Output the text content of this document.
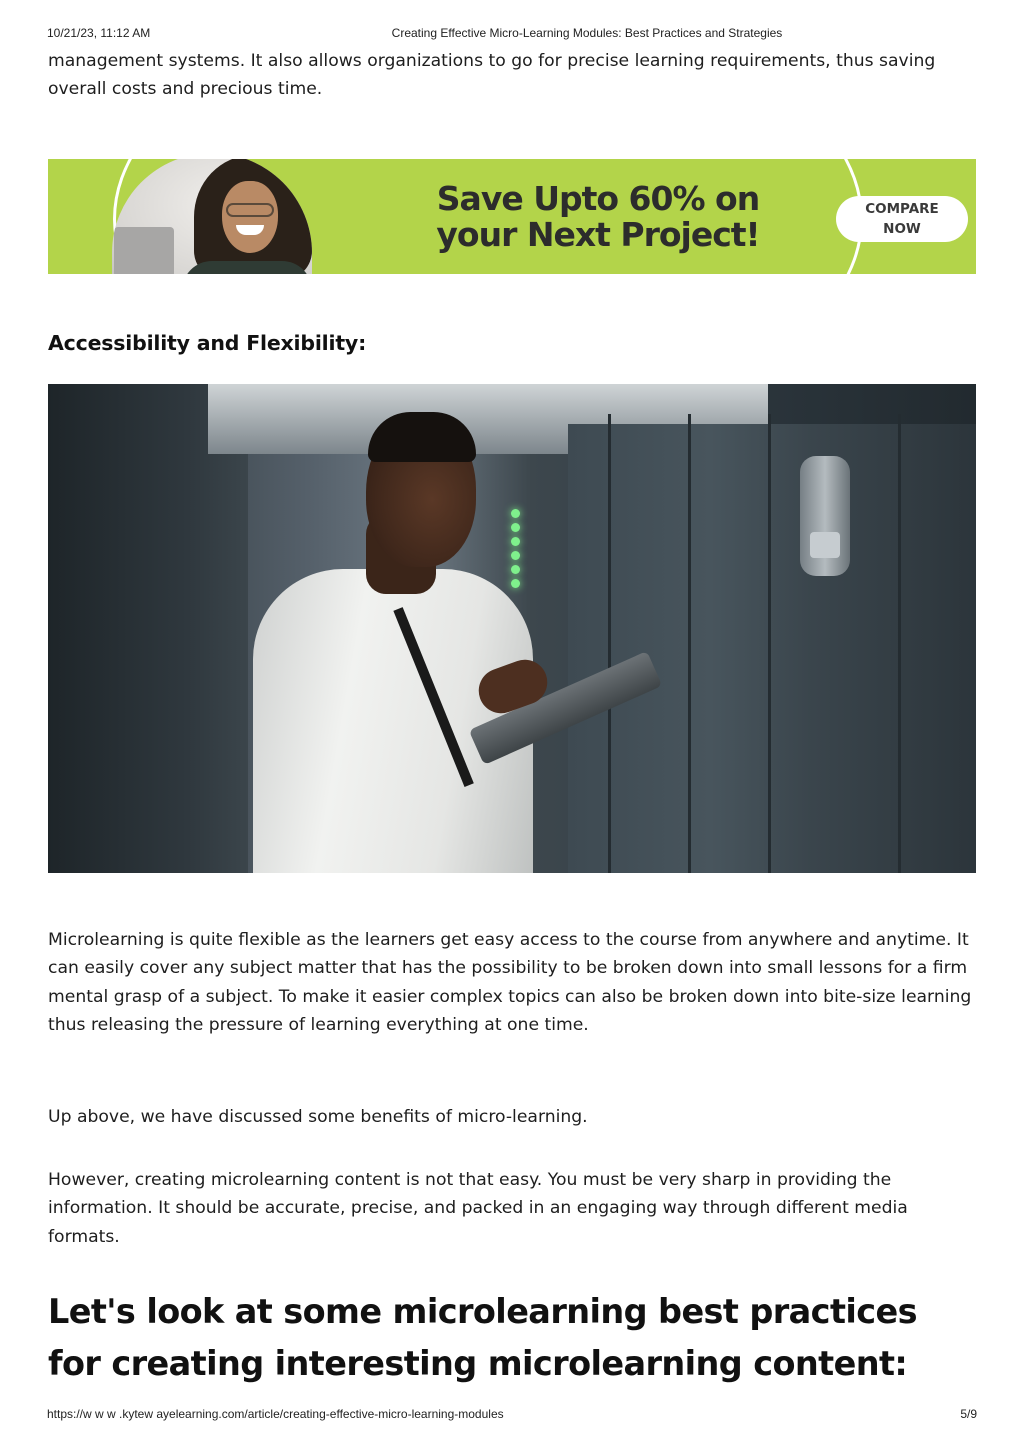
10/21/23, 11:12 AM	Creating Effective Micro-Learning Modules: Best Practices and Strategies

management systems. It also allows organizations to go for precise learning requirements, thus saving overall costs and precious time.

Save Upto 60% on your Next Project!
COMPARE NOW
Accessibility and Flexibility:

Microlearning is quite flexible as the learners get easy access to the course from anywhere and anytime. It can easily cover any subject matter that has the possibility to be broken down into small lessons for a firm mental grasp of a subject. To make it easier complex topics can also be broken down into bite-size learning thus releasing the pressure of learning everything at one time.

Up above, we have discussed some benefits of micro-learning.

However, creating microlearning content is not that easy. You must be very sharp in providing the information. It should be accurate, precise, and packed in an engaging way through different media formats.

Let's look at some microlearning best practices for creating interesting microlearning content:
https://w w w .kytew ayelearning.com/article/creating-effective-micro-learning-modules	5/9
